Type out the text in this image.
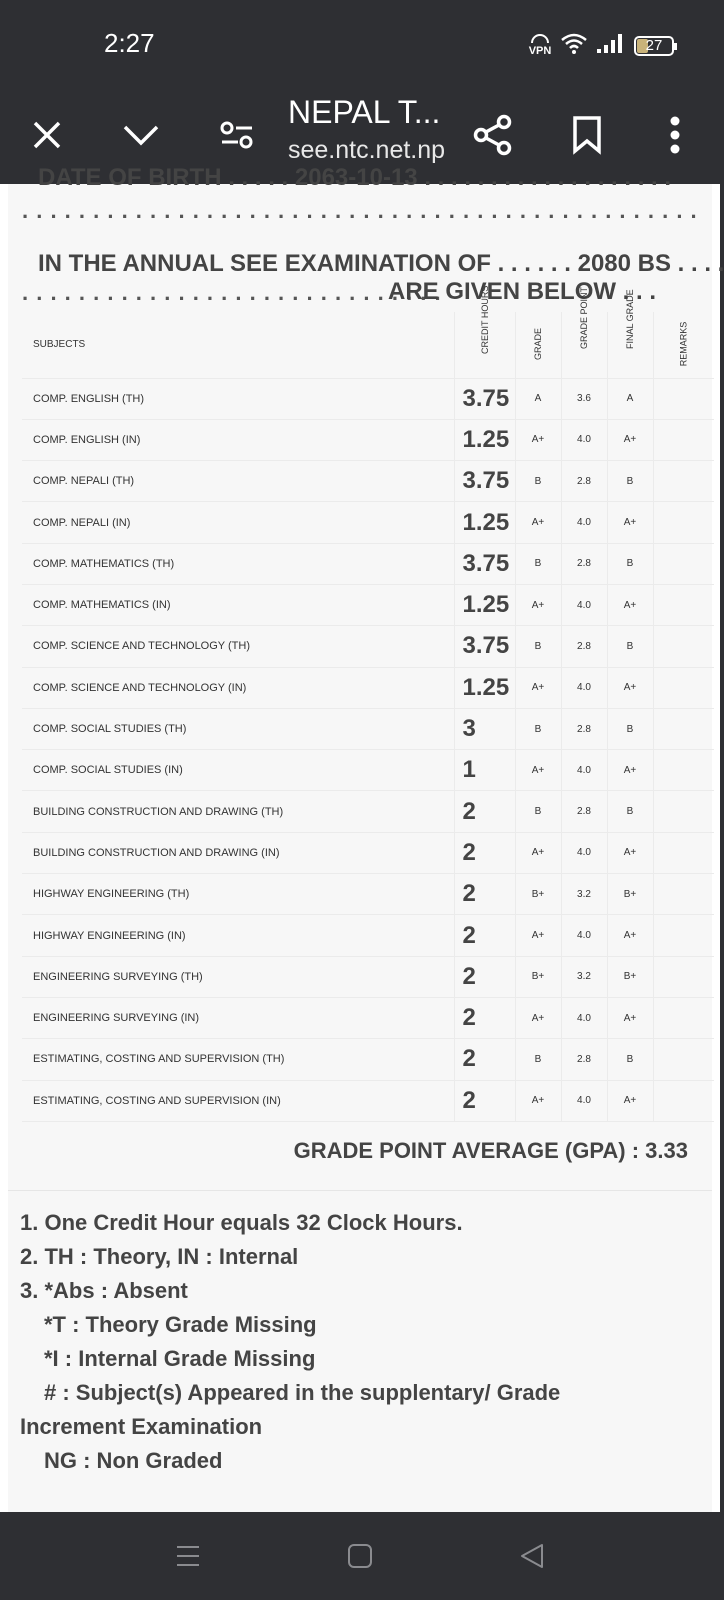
2:27	VPN	27
NEPAL T...
see.ntc.net.np
DATE OF BIRTH . . . . . 2063-10-13 . . . . . . . . . . . . . . . . . . .
. . . . . . . . . . . . . . . . . . . . . . . . . . . . . . . . . . . . . . . . . . . . . . . .
IN THE ANNUAL SEE EXAMINATION OF . . . . . . 2080 BS . . . .
. . . . . . . . . . . . . . . . . . . . . . . . . . . . . .
ARE GIVEN BELOW . . .
SUBJECTS	CREDIT HOURS	GRADE	GRADE POINT	FINAL GRADE	REMARKS
COMP. ENGLISH (TH)	3.75	A	3.6	A	
COMP. ENGLISH (IN)	1.25	A+	4.0	A+	
COMP. NEPALI (TH)	3.75	B	2.8	B	
COMP. NEPALI (IN)	1.25	A+	4.0	A+	
COMP. MATHEMATICS (TH)	3.75	B	2.8	B	
COMP. MATHEMATICS (IN)	1.25	A+	4.0	A+	
COMP. SCIENCE AND TECHNOLOGY (TH)	3.75	B	2.8	B	
COMP. SCIENCE AND TECHNOLOGY (IN)	1.25	A+	4.0	A+	
COMP. SOCIAL STUDIES (TH)	3	B	2.8	B	
COMP. SOCIAL STUDIES (IN)	1	A+	4.0	A+	
BUILDING CONSTRUCTION AND DRAWING (TH)	2	B	2.8	B	
BUILDING CONSTRUCTION AND DRAWING (IN)	2	A+	4.0	A+	
HIGHWAY ENGINEERING (TH)	2	B+	3.2	B+	
HIGHWAY ENGINEERING (IN)	2	A+	4.0	A+	
ENGINEERING SURVEYING (TH)	2	B+	3.2	B+	
ENGINEERING SURVEYING (IN)	2	A+	4.0	A+	
ESTIMATING, COSTING AND SUPERVISION (TH)	2	B	2.8	B	
ESTIMATING, COSTING AND SUPERVISION (IN)	2	A+	4.0	A+	
GRADE POINT AVERAGE (GPA) : 3.33
1. One Credit Hour equals 32 Clock Hours.
2. TH : Theory, IN : Internal
3. *Abs : Absent
*T : Theory Grade Missing
*I : Internal Grade Missing
# : Subject(s) Appeared in the supplentary/ Grade
Increment Examination
NG : Non Graded
